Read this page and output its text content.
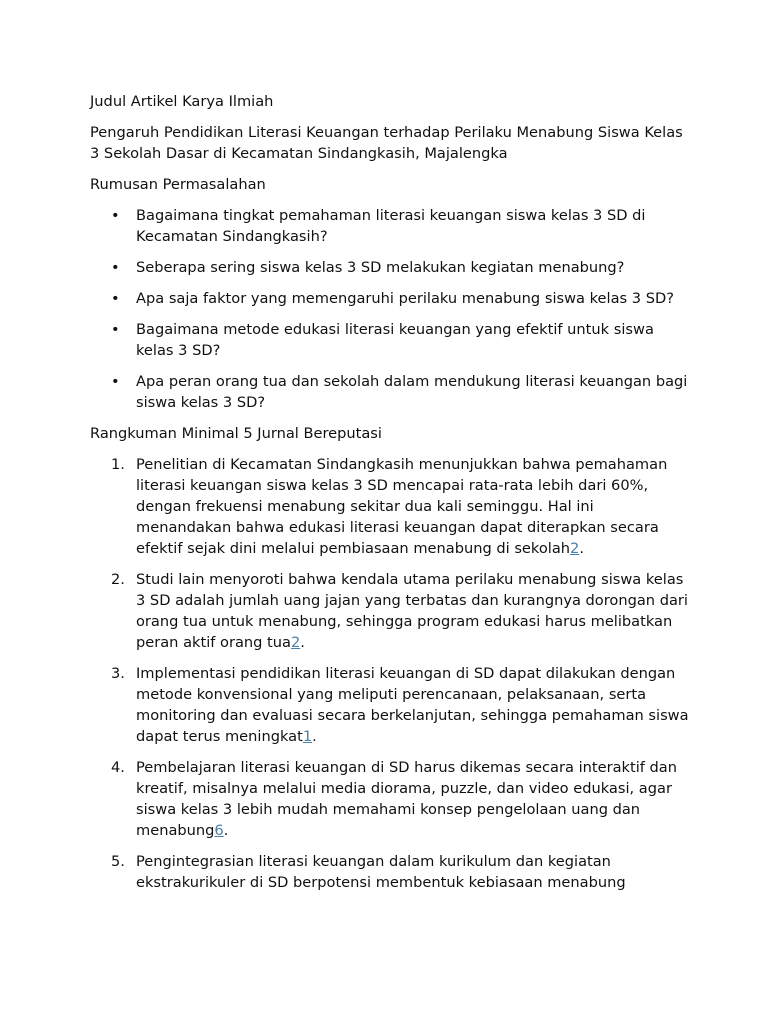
Judul Artikel Karya Ilmiah

Pengaruh Pendidikan Literasi Keuangan terhadap Perilaku Menabung Siswa Kelas 3 Sekolah Dasar di Kecamatan Sindangkasih, Majalengka

Rumusan Permasalahan

• Bagaimana tingkat pemahaman literasi keuangan siswa kelas 3 SD di Kecamatan Sindangkasih?
• Seberapa sering siswa kelas 3 SD melakukan kegiatan menabung?
• Apa saja faktor yang memengaruhi perilaku menabung siswa kelas 3 SD?
• Bagaimana metode edukasi literasi keuangan yang efektif untuk siswa kelas 3 SD?
• Apa peran orang tua dan sekolah dalam mendukung literasi keuangan bagi siswa kelas 3 SD?

Rangkuman Minimal 5 Jurnal Bereputasi

1. Penelitian di Kecamatan Sindangkasih menunjukkan bahwa pemahaman literasi keuangan siswa kelas 3 SD mencapai rata-rata lebih dari 60%, dengan frekuensi menabung sekitar dua kali seminggu. Hal ini menandakan bahwa edukasi literasi keuangan dapat diterapkan secara efektif sejak dini melalui pembiasaan menabung di sekolah2.
2. Studi lain menyoroti bahwa kendala utama perilaku menabung siswa kelas 3 SD adalah jumlah uang jajan yang terbatas dan kurangnya dorongan dari orang tua untuk menabung, sehingga program edukasi harus melibatkan peran aktif orang tua2.
3. Implementasi pendidikan literasi keuangan di SD dapat dilakukan dengan metode konvensional yang meliputi perencanaan, pelaksanaan, serta monitoring dan evaluasi secara berkelanjutan, sehingga pemahaman siswa dapat terus meningkat1.
4. Pembelajaran literasi keuangan di SD harus dikemas secara interaktif dan kreatif, misalnya melalui media diorama, puzzle, dan video edukasi, agar siswa kelas 3 lebih mudah memahami konsep pengelolaan uang dan menabung6.
5. Pengintegrasian literasi keuangan dalam kurikulum dan kegiatan ekstrakurikuler di SD berpotensi membentuk kebiasaan menabung
